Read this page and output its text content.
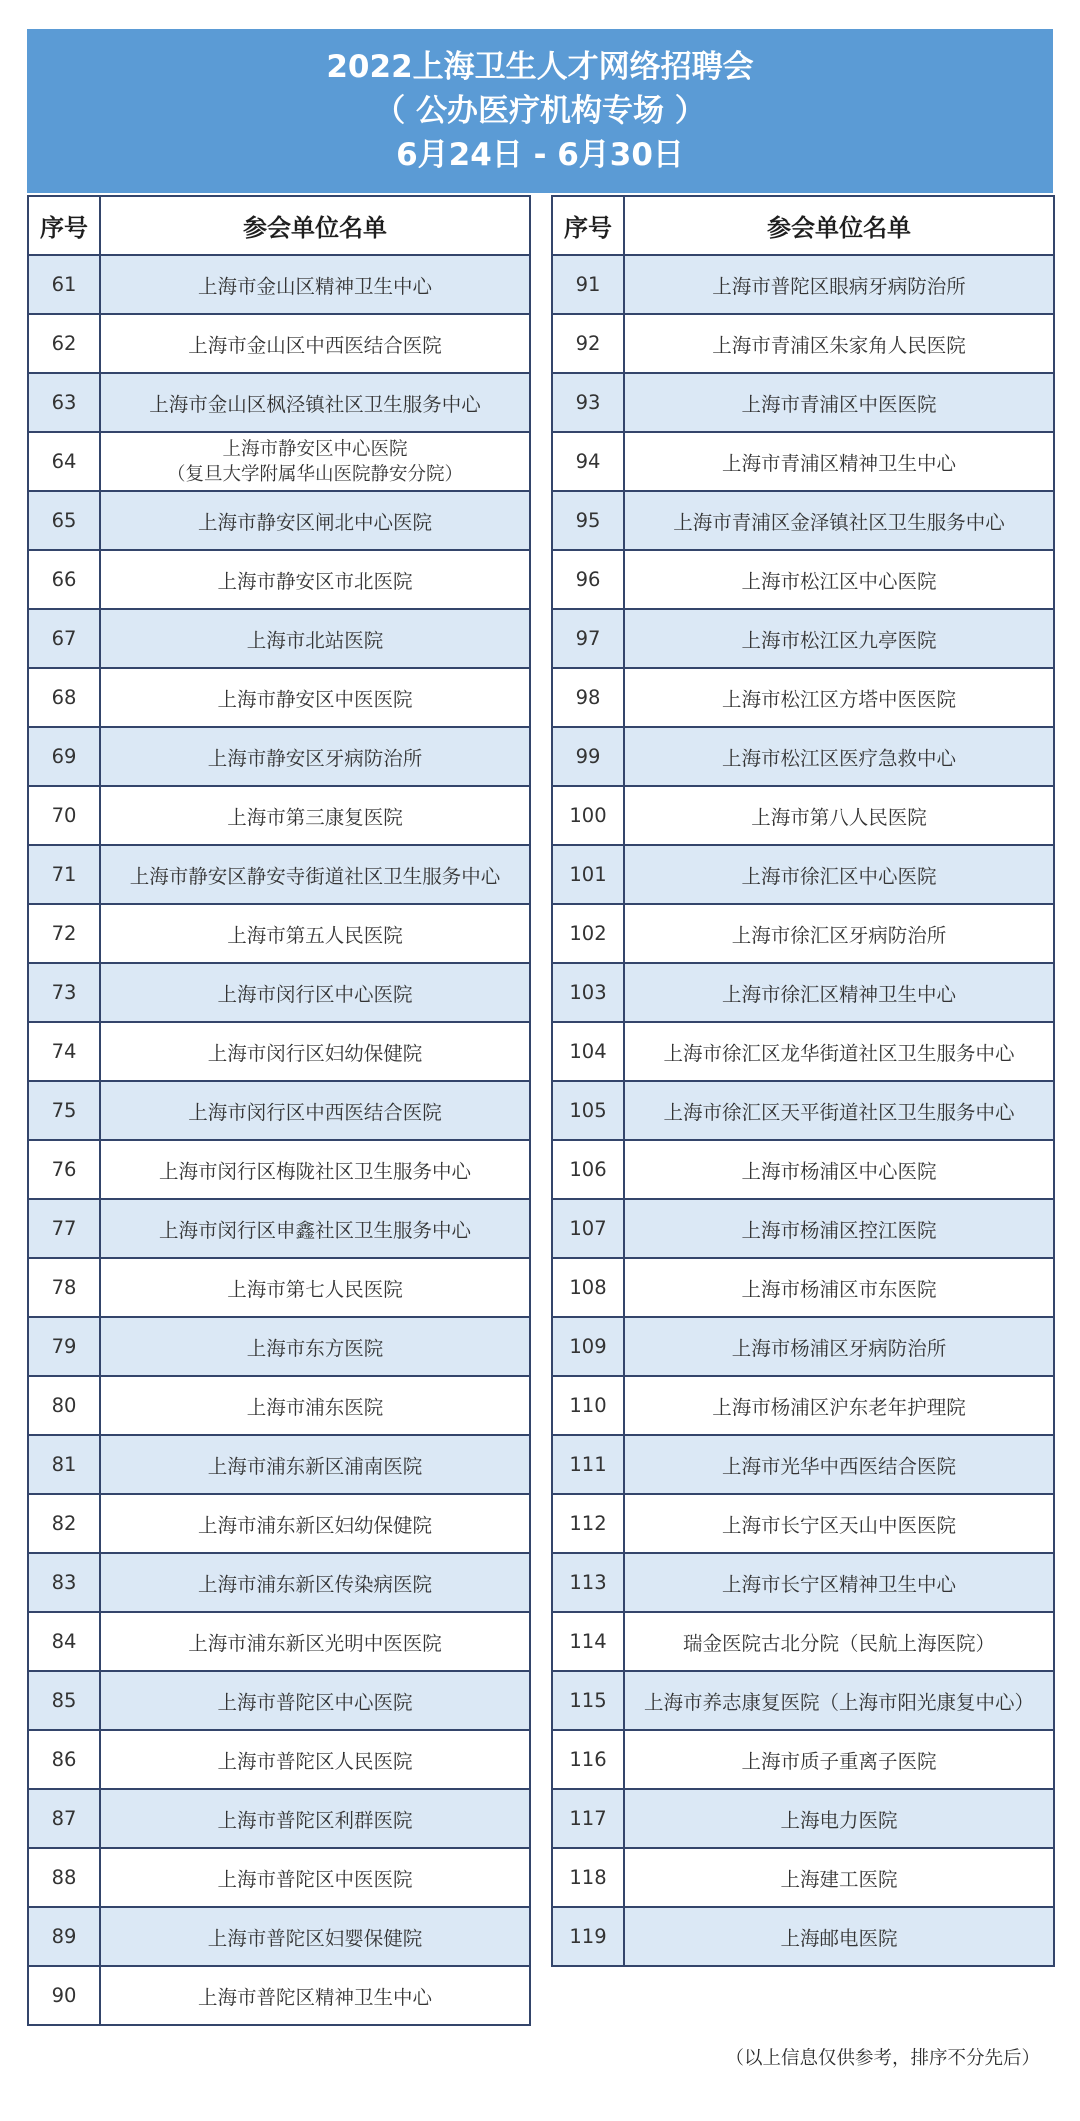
2022上海卫生人才网络招聘会
（ 公办医疗机构专场 ）
6月24日 - 6月30日
序号	参会单位名单
61	上海市金山区精神卫生中心
62	上海市金山区中西医结合医院
63	上海市金山区枫泾镇社区卫生服务中心
64	上海市静安区中心医院
（复旦大学附属华山医院静安分院）

65	上海市静安区闸北中心医院
66	上海市静安区市北医院
67	上海市北站医院
68	上海市静安区中医医院
69	上海市静安区牙病防治所
70	上海市第三康复医院
71	上海市静安区静安寺街道社区卫生服务中心
72	上海市第五人民医院
73	上海市闵行区中心医院
74	上海市闵行区妇幼保健院
75	上海市闵行区中西医结合医院
76	上海市闵行区梅陇社区卫生服务中心
77	上海市闵行区申鑫社区卫生服务中心
78	上海市第七人民医院
79	上海市东方医院
80	上海市浦东医院
81	上海市浦东新区浦南医院
82	上海市浦东新区妇幼保健院
83	上海市浦东新区传染病医院
84	上海市浦东新区光明中医医院
85	上海市普陀区中心医院
86	上海市普陀区人民医院
87	上海市普陀区利群医院
88	上海市普陀区中医医院
89	上海市普陀区妇婴保健院
90	上海市普陀区精神卫生中心
序号	参会单位名单
91	上海市普陀区眼病牙病防治所
92	上海市青浦区朱家角人民医院
93	上海市青浦区中医医院
94	上海市青浦区精神卫生中心
95	上海市青浦区金泽镇社区卫生服务中心
96	上海市松江区中心医院
97	上海市松江区九亭医院
98	上海市松江区方塔中医医院
99	上海市松江区医疗急救中心
100	上海市第八人民医院
101	上海市徐汇区中心医院
102	上海市徐汇区牙病防治所
103	上海市徐汇区精神卫生中心
104	上海市徐汇区龙华街道社区卫生服务中心
105	上海市徐汇区天平街道社区卫生服务中心
106	上海市杨浦区中心医院
107	上海市杨浦区控江医院
108	上海市杨浦区市东医院
109	上海市杨浦区牙病防治所
110	上海市杨浦区沪东老年护理院
111	上海市光华中西医结合医院
112	上海市长宁区天山中医医院
113	上海市长宁区精神卫生中心
114	瑞金医院古北分院（民航上海医院）
115	上海市养志康复医院（上海市阳光康复中心）
116	上海市质子重离子医院
117	上海电力医院
118	上海建工医院
119	上海邮电医院
（以上信息仅供参考，排序不分先后）
